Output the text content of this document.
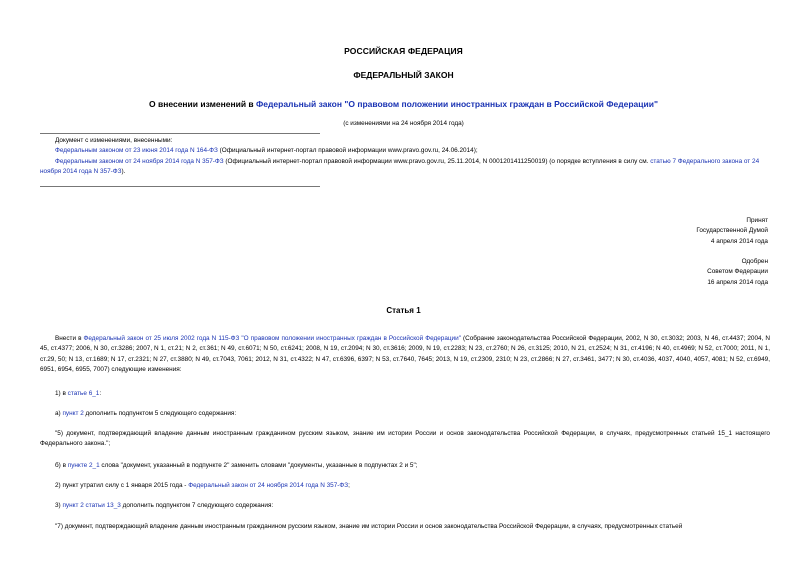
РОССИЙСКАЯ ФЕДЕРАЦИЯ
ФЕДЕРАЛЬНЫЙ ЗАКОН
О внесении изменений в Федеральный закон "О правовом положении иностранных граждан в Российской Федерации"
(с изменениями на 24 ноября 2014 года)
Документ с изменениями, внесенными:
Федеральным законом от 23 июня 2014 года N 164-ФЗ (Официальный интернет-портал правовой информации www.pravo.gov.ru, 24.06.2014);
Федеральным законом от 24 ноября 2014 года N 357-ФЗ (Официальный интернет-портал правовой информации www.pravo.gov.ru, 25.11.2014, N 0001201411250019) (о порядке вступления в силу см. статью 7 Федерального закона от 24 ноября 2014 года N 357-ФЗ).
Принят
Государственной Думой
4 апреля 2014 года
Одобрен
Советом Федерации
16 апреля 2014 года
Статья 1
Внести в Федеральный закон от 25 июля 2002 года N 115-ФЗ "О правовом положении иностранных граждан в Российской Федерации" (Собрание законодательства Российской Федерации, 2002, N 30, ст.3032; 2003, N 46, ст.4437; 2004, N 45, ст.4377; 2006, N 30, ст.3286; 2007, N 1, ст.21; N 2, ст.361; N 49, ст.6071; N 50, ст.6241; 2008, N 19, ст.2094; N 30, ст.3616; 2009, N 19, ст.2283; N 23, ст.2760; N 26, ст.3125; 2010, N 21, ст.2524; N 31, ст.4196; N 40, ст.4969; N 52, ст.7000; 2011, N 1, ст.29, 50; N 13, ст.1689; N 17, ст.2321; N 27, ст.3880; N 49, ст.7043, 7061; 2012, N 31, ст.4322; N 47, ст.6396, 6397; N 53, ст.7640, 7645; 2013, N 19, ст.2309, 2310; N 23, ст.2866; N 27, ст.3461, 3477; N 30, ст.4036, 4037, 4040, 4057, 4081; N 52, ст.6949, 6951, 6954, 6955, 7007) следующие изменения:
1) в статье 6_1:
а) пункт 2 дополнить подпунктом 5 следующего содержания:
"5) документ, подтверждающий владение данным иностранным гражданином русским языком, знание им истории России и основ законодательства Российской Федерации, в случаях, предусмотренных статьей 15_1 настоящего Федерального закона.";
б) в пункте 2_1 слова "документ, указанный в подпункте 2" заменить словами "документы, указанные в подпунктах 2 и 5";
2) пункт утратил силу с 1 января 2015 года - Федеральный закон от 24 ноября 2014 года N 357-ФЗ;
3) пункт 2 статьи 13_3 дополнить подпунктом 7 следующего содержания:
"7) документ, подтверждающий владение данным иностранным гражданином русским языком, знание им истории России и основ законодательства Российской Федерации, в случаях, предусмотренных статьей
